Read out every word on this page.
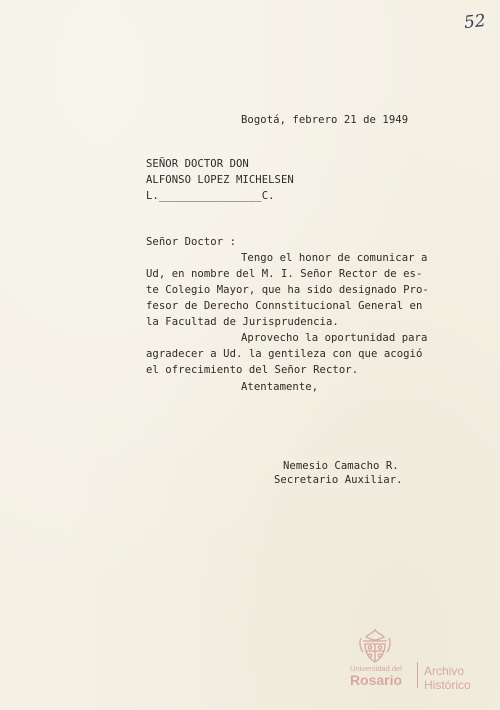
52
Bogotá, febrero 21 de 1949
SEÑOR DOCTOR DON
ALFONSO LOPEZ MICHELSEN
L.________________C.
Señor Doctor :
Tengo el honor de comunicar a
Ud, en nombre del M. I. Señor Rector de es-
te Colegio Mayor, que ha sido designado Pro-
fesor de Derecho Connstitucional General en
la Facultad de Jurisprudencia.
Aprovecho la oportunidad para
agradecer a Ud. la gentileza con que acogió
el ofrecimiento del Señor Rector.
Atentamente,
Nemesio Camacho R.
Secretario Auxiliar.
Universidad del
Rosario
Archivo
Histórico
